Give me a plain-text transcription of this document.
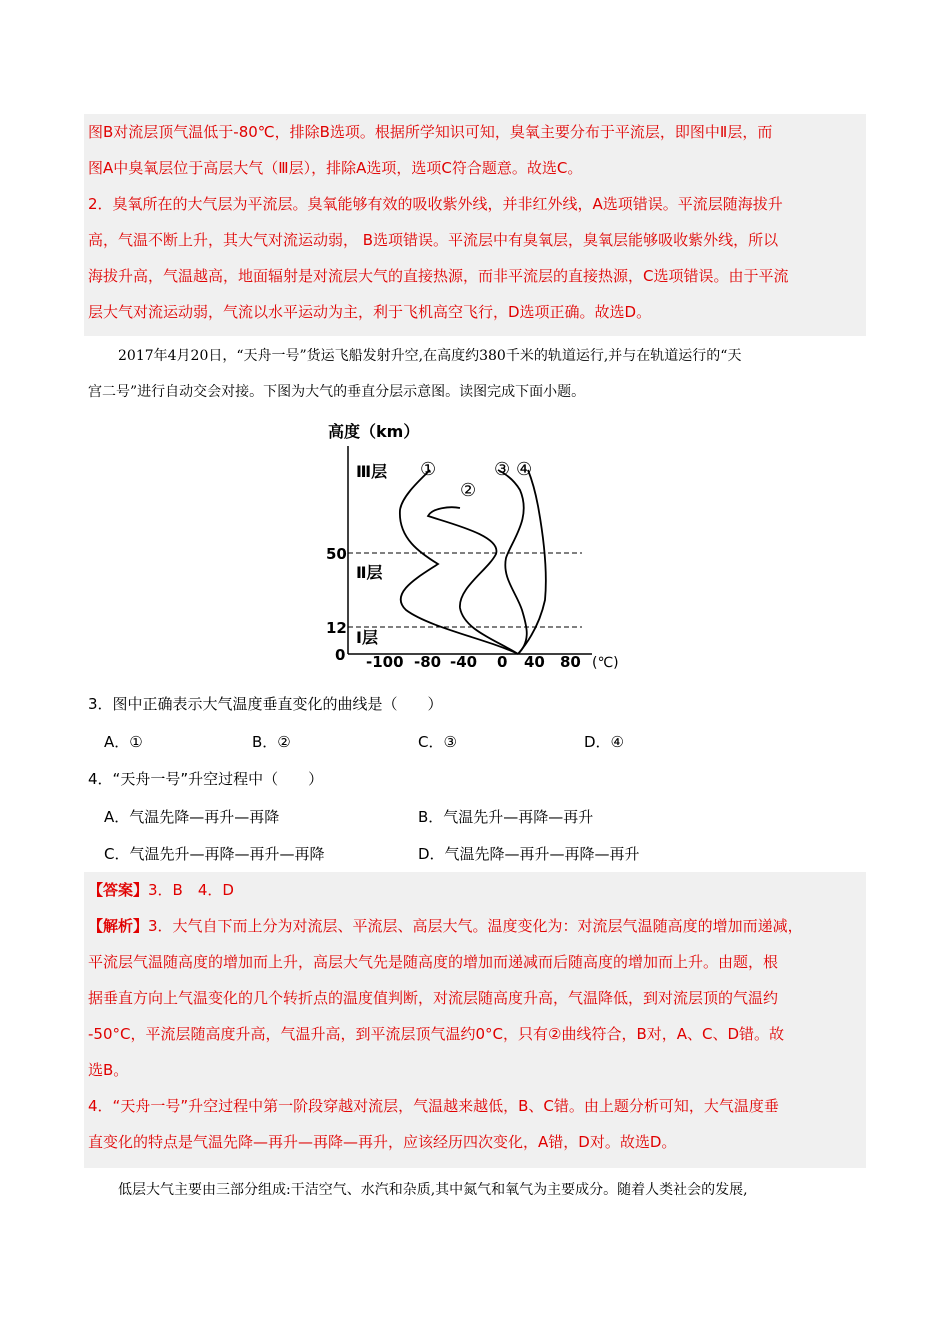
图B对流层顶气温低于-80℃，排除B选项。根据所学知识可知，臭氧主要分布于平流层，即图中Ⅱ层，而

图A中臭氧层位于高层大气（Ⅲ层），排除A选项，选项C符合题意。故选C。

2．臭氧所在的大气层为平流层。臭氧能够有效的吸收紫外线，并非红外线，A选项错误。平流层随海拔升

高，气温不断上升，其大气对流运动弱， B选项错误。平流层中有臭氧层，臭氧层能够吸收紫外线，所以

海拔升高，气温越高，地面辐射是对流层大气的直接热源，而非平流层的直接热源，C选项错误。由于平流

层大气对流运动弱，气流以水平运动为主，利于飞机高空飞行，D选项正确。故选D。

2017年4月20日，“天舟一号”货运飞船发射升空,在高度约380千米的轨道运行,并与在轨道运行的“天

宫二号”进行自动交会对接。下图为大气的垂直分层示意图。读图完成下面小题。

高度（km）
50
12
0
Ⅲ层
Ⅱ层
Ⅰ层
①
②
③ ④
-100 -80 -40 0 40 80 (℃)
3．图中正确表示大气温度垂直变化的曲线是（　　）
A．①	B．②	C．③	D．④
4．“天舟一号”升空过程中（　　）
A．气温先降—再升—再降	B．气温先升—再降—再升
C．气温先升—再降—再升—再降	D．气温先降—再升—再降—再升

【答案】3．B　4．D

【解析】3．大气自下而上分为对流层、平流层、高层大气。温度变化为：对流层气温随高度的增加而递减，

平流层气温随高度的增加而上升，高层大气先是随高度的增加而递减而后随高度的增加而上升。由题，根

据垂直方向上气温变化的几个转折点的温度值判断，对流层随高度升高，气温降低，到对流层顶的气温约

-50°C，平流层随高度升高，气温升高，到平流层顶气温约0°C，只有②曲线符合，B对，A、C、D错。故

选B。

4．“天舟一号”升空过程中第一阶段穿越对流层，气温越来越低，B、C错。由上题分析可知，大气温度垂

直变化的特点是气温先降—再升—再降—再升，应该经历四次变化，A错，D对。故选D。

低层大气主要由三部分组成:干洁空气、水汽和杂质,其中氮气和氧气为主要成分。随着人类社会的发展,
